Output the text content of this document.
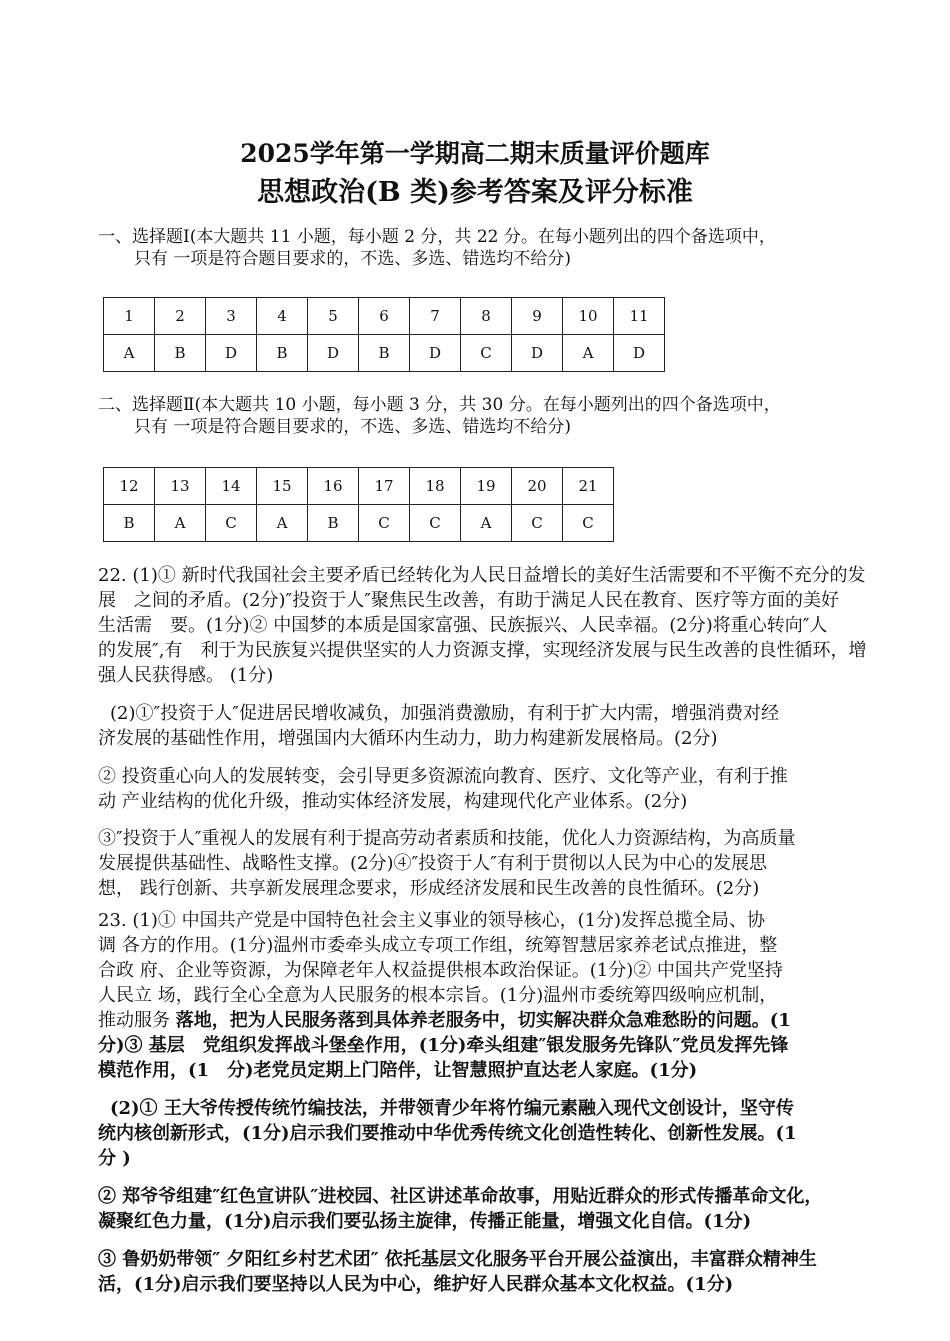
2025学年第一学期高二期末质量评价题库
思想政治(B 类)参考答案及评分标准
一、选择题Ⅰ(本大题共 11 小题，每小题 2 分，共 22 分。在每小题列出的四个备选项中，
只有 一项是符合题目要求的，不选、多选、错选均不给分)
1	2	3	4	5	6	7	8	9	10	11
A	B	D	B	D	B	D	C	D	A	D
二、选择题Ⅱ(本大题共 10 小题，每小题 3 分，共 30 分。在每小题列出的四个备选项中，
只有 一项是符合题目要求的，不选、多选、错选均不给分)
12	13	14	15	16	17	18	19	20	21
B	A	C	A	B	C	C	A	C	C
22. (1)① 新时代我国社会主要矛盾已经转化为人民日益增长的美好生活需要和不平衡不充分的发
展　之间的矛盾。(2分)″投资于人″聚焦民生改善，有助于满足人民在教育、医疗等方面的美好
生活需　要。(1分)② 中国梦的本质是国家富强、民族振兴、人民幸福。(2分)将重心转向″人
的发展″,有　利于为民族复兴提供坚实的人力资源支撑，实现经济发展与民生改善的良性循环，增
强人民获得感。 (1分)
(2)①″投资于人″促进居民增收减负，加强消费激励，有利于扩大内需，增强消费对经
济发展的基础性作用，增强国内大循环内生动力，助力构建新发展格局。(2分)
② 投资重心向人的发展转变，会引导更多资源流向教育、医疗、文化等产业，有利于推
动 产业结构的优化升级，推动实体经济发展，构建现代化产业体系。(2分)
③″投资于人″重视人的发展有利于提高劳动者素质和技能，优化人力资源结构，为高质量
发展提供基础性、战略性支撑。(2分)④″投资于人″有利于贯彻以人民为中心的发展思
想， 践行创新、共享新发展理念要求，形成经济发展和民生改善的良性循环。(2分)
23. (1)① 中国共产党是中国特色社会主义事业的领导核心，(1分)发挥总揽全局、协
调 各方的作用。(1分)温州市委牵头成立专项工作组，统筹智慧居家养老试点推进，整
合政 府、企业等资源，为保障老年人权益提供根本政治保证。(1分)② 中国共产党坚持
人民立 场，践行全心全意为人民服务的根本宗旨。(1分)温州市委统筹四级响应机制，
推动服务 落地，把为人民服务落到具体养老服务中，切实解决群众急难愁盼的问题。(1
分)③ 基层　党组织发挥战斗堡垒作用，(1分)牵头组建″银发服务先锋队″党员发挥先锋
模范作用，(1　分)老党员定期上门陪伴，让智慧照护直达老人家庭。(1分)
(2)① 王大爷传授传统竹编技法，并带领青少年将竹编元素融入现代文创设计，坚守传
统内核创新形式，(1分)启示我们要推动中华优秀传统文化创造性转化、创新性发展。(1
分 )
② 郑爷爷组建″红色宣讲队″进校园、社区讲述革命故事，用贴近群众的形式传播革命文化，
凝聚红色力量，(1分)启示我们要弘扬主旋律，传播正能量，增强文化自信。(1分)
③ 鲁奶奶带领″ 夕阳红乡村艺术团″ 依托基层文化服务平台开展公益演出，丰富群众精神生
活，(1分)启示我们要坚持以人民为中心，维护好人民群众基本文化权益。(1分)
